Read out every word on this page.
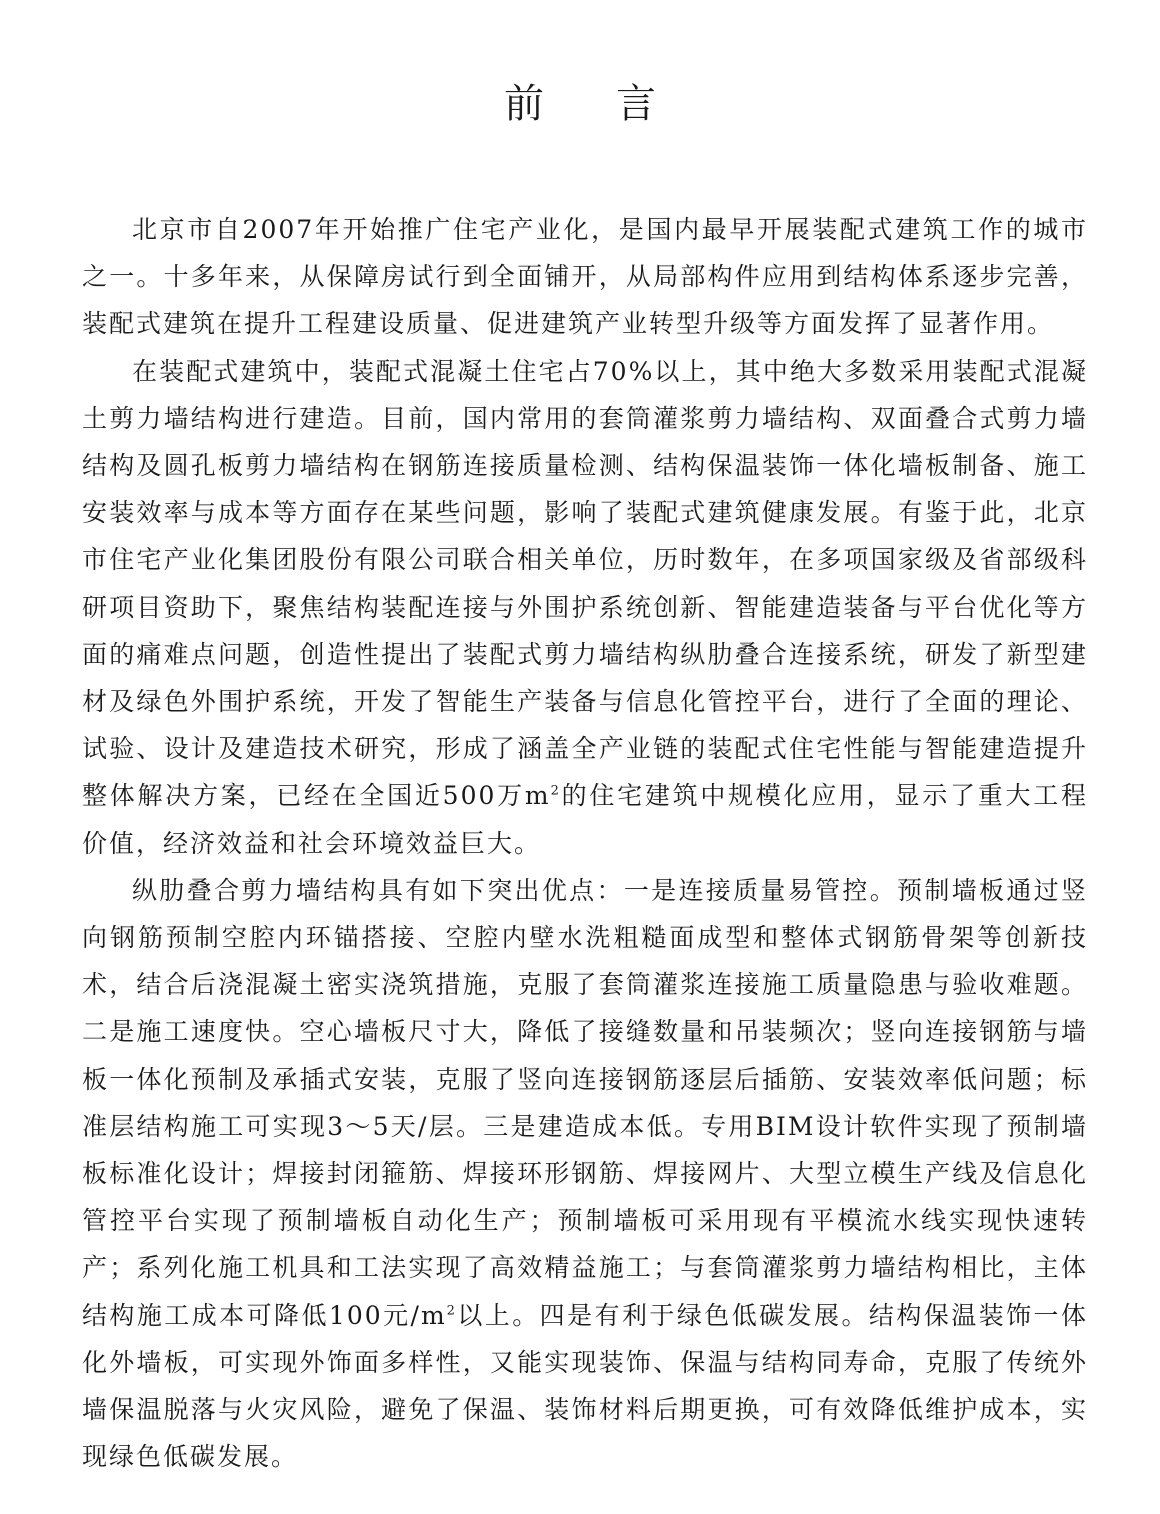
前言

北京市自2007年开始推广住宅产业化，是国内最早开展装配式建筑工作的城市之一。十多年来，从保障房试行到全面铺开，从局部构件应用到结构体系逐步完善，装配式建筑在提升工程建设质量、促进建筑产业转型升级等方面发挥了显著作用。

在装配式建筑中，装配式混凝土住宅占70%以上，其中绝大多数采用装配式混凝土剪力墙结构进行建造。目前，国内常用的套筒灌浆剪力墙结构、双面叠合式剪力墙结构及圆孔板剪力墙结构在钢筋连接质量检测、结构保温装饰一体化墙板制备、施工安装效率与成本等方面存在某些问题，影响了装配式建筑健康发展。有鉴于此，北京市住宅产业化集团股份有限公司联合相关单位，历时数年，在多项国家级及省部级科研项目资助下，聚焦结构装配连接与外围护系统创新、智能建造装备与平台优化等方面的痛难点问题，创造性提出了装配式剪力墙结构纵肋叠合连接系统，研发了新型建材及绿色外围护系统，开发了智能生产装备与信息化管控平台，进行了全面的理论、试验、设计及建造技术研究，形成了涵盖全产业链的装配式住宅性能与智能建造提升整体解决方案，已经在全国近500万$m^2$的住宅建筑中规模化应用，显示了重大工程价值，经济效益和社会环境效益巨大。

纵肋叠合剪力墙结构具有如下突出优点：一是连接质量易管控。预制墙板通过竖向钢筋预制空腔内环锚搭接、空腔内壁水洗粗糙面成型和整体式钢筋骨架等创新技术，结合后浇混凝土密实浇筑措施，克服了套筒灌浆连接施工质量隐患与验收难题。二是施工速度快。空心墙板尺寸大，降低了接缝数量和吊装频次；竖向连接钢筋与墙板一体化预制及承插式安装，克服了竖向连接钢筋逐层后插筋、安装效率低问题；标准层结构施工可实现3～5天/层。三是建造成本低。专用BIM设计软件实现了预制墙板标准化设计；焊接封闭箍筋、焊接环形钢筋、焊接网片、大型立模生产线及信息化管控平台实现了预制墙板自动化生产；预制墙板可采用现有平模流水线实现快速转产；系列化施工机具和工法实现了高效精益施工；与套筒灌浆剪力墙结构相比，主体结构施工成本可降低100元$/m^2$以上。四是有利于绿色低碳发展。结构保温装饰一体化外墙板，可实现外饰面多样性，又能实现装饰、保温与结构同寿命，克服了传统外墙保温脱落与火灾风险，避免了保温、装饰材料后期更换，可有效降低维护成本，实现绿色低碳发展。
